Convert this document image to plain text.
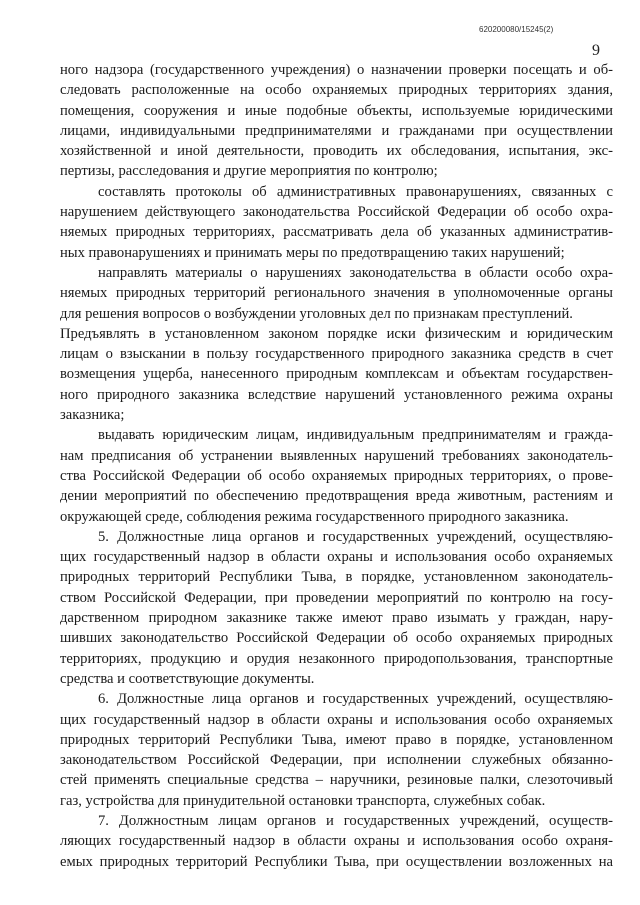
620200080/15245(2)
9

ного надзора (государственного учреждения) о назначении проверки посещать и об-
следовать расположенные на особо охраняемых природных территориях здания,
помещения, сооружения и иные подобные объекты, используемые юридическими
лицами, индивидуальными предпринимателями и гражданами при осуществлении
хозяйственной и иной деятельности, проводить их обследования, испытания, экс-
пертизы, расследования и другие мероприятия по контролю;

составлять протоколы об административных правонарушениях, связанных с
нарушением действующего законодательства Российской Федерации об особо охра-
няемых природных территориях, рассматривать дела об указанных административ-
ных правонарушениях и принимать меры по предотвращению таких нарушений;

направлять материалы о нарушениях законодательства в области особо охра-
няемых природных территорий регионального значения в уполномоченные органы
для решения вопросов о возбуждении уголовных дел по признакам преступлений.

Предъявлять в установленном законом порядке иски физическим и юридическим
лицам о взыскании в пользу государственного природного заказника средств в счет
возмещения ущерба, нанесенного природным комплексам и объектам государствен-
ного природного заказника вследствие нарушений установленного режима охраны
заказника;

выдавать юридическим лицам, индивидуальным предпринимателям и гражда-
нам предписания об устранении выявленных нарушений требованиях законодатель-
ства Российской Федерации об особо охраняемых природных территориях, о прове-
дении мероприятий по обеспечению предотвращения вреда животным, растениям и
окружающей среде, соблюдения режима государственного природного заказника.

5. Должностные лица органов и государственных учреждений, осуществляю-
щих государственный надзор в области охраны и использования особо охраняемых
природных территорий Республики Тыва, в порядке, установленном законодатель-
ством Российской Федерации, при проведении мероприятий по контролю на госу-
дарственном природном заказнике также имеют право изымать у граждан, нару-
шивших законодательство Российской Федерации об особо охраняемых природных
территориях, продукцию и орудия незаконного природопользования, транспортные
средства и соответствующие документы.

6. Должностные лица органов и государственных учреждений, осуществляю-
щих государственный надзор в области охраны и использования особо охраняемых
природных территорий Республики Тыва, имеют право в порядке, установленном
законодательством Российской Федерации, при исполнении служебных обязанно-
стей применять специальные средства – наручники, резиновые палки, слезоточивый
газ, устройства для принудительной остановки транспорта, служебных собак.

7. Должностным лицам органов и государственных учреждений, осуществ-
ляющих государственный надзор в области охраны и использования особо охраня-
емых природных территорий Республики Тыва, при осуществлении возложенных на
